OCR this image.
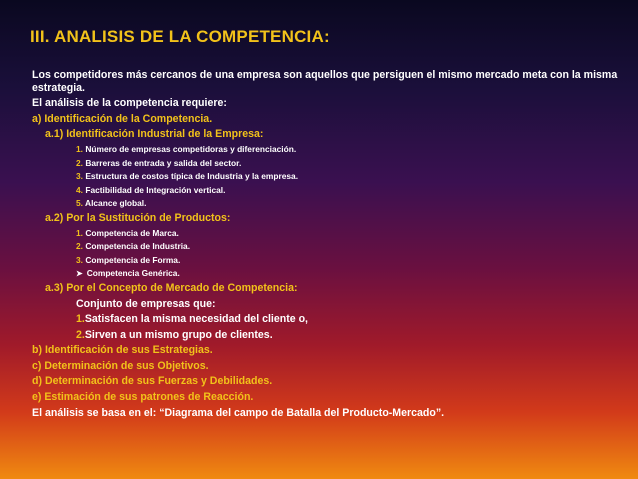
III. ANALISIS DE LA COMPETENCIA:
Los competidores más cercanos de una empresa son aquellos que persiguen el mismo mercado meta con la misma estrategia.
El análisis de la competencia requiere:
a) Identificación de la Competencia.
a.1) Identificación Industrial de la Empresa:
1. Número de empresas competidoras y diferenciación.
2. Barreras de entrada y salida del sector.
3. Estructura de costos típica de Industria y la empresa.
4. Factibilidad de Integración vertical.
5. Alcance global.
a.2) Por la Sustitución de Productos:
1. Competencia de Marca.
2. Competencia de Industria.
3. Competencia de Forma.
➤ Competencia Genérica.
a.3) Por el Concepto de Mercado de Competencia:
Conjunto de empresas que:
1.Satisfacen la misma necesidad del cliente o,
2.Sirven a un mismo grupo de clientes.
b) Identificación de sus Estrategias.
c) Determinación de sus Objetivos.
d) Determinación de sus Fuerzas y Debilidades.
e) Estimación de sus patrones de Reacción.
El análisis se basa en el: “Diagrama del campo de Batalla del Producto-Mercado”.
